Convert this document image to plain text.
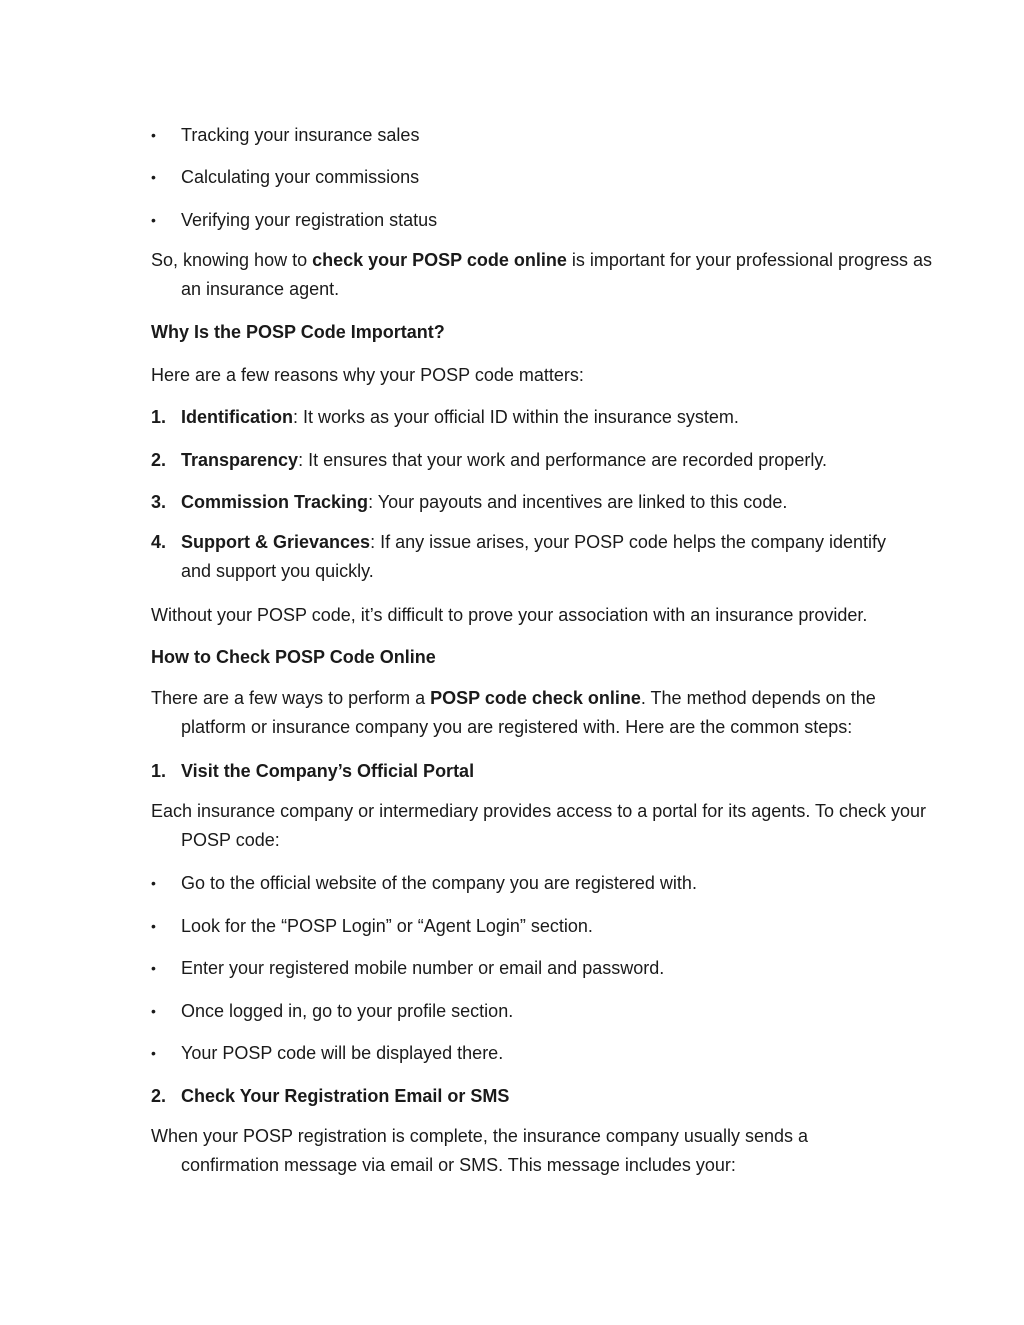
•	Tracking your insurance sales
•	Calculating your commissions
•	Verifying your registration status

So, knowing how to check your POSP code online is important for your professional progress as an insurance agent.

Why Is the POSP Code Important?

Here are a few reasons why your POSP code matters:

1. Identification: It works as your official ID within the insurance system.
2. Transparency: It ensures that your work and performance are recorded properly.
3. Commission Tracking: Your payouts and incentives are linked to this code.
4. Support & Grievances: If any issue arises, your POSP code helps the company identify and support you quickly.

Without your POSP code, it’s difficult to prove your association with an insurance provider.

How to Check POSP Code Online

There are a few ways to perform a POSP code check online. The method depends on the platform or insurance company you are registered with. Here are the common steps:

1. Visit the Company’s Official Portal

Each insurance company or intermediary provides access to a portal for its agents. To check your POSP code:

•	Go to the official website of the company you are registered with.
•	Look for the “POSP Login” or “Agent Login” section.
•	Enter your registered mobile number or email and password.
•	Once logged in, go to your profile section.
•	Your POSP code will be displayed there.
2. Check Your Registration Email or SMS

When your POSP registration is complete, the insurance company usually sends a confirmation message via email or SMS. This message includes your:
